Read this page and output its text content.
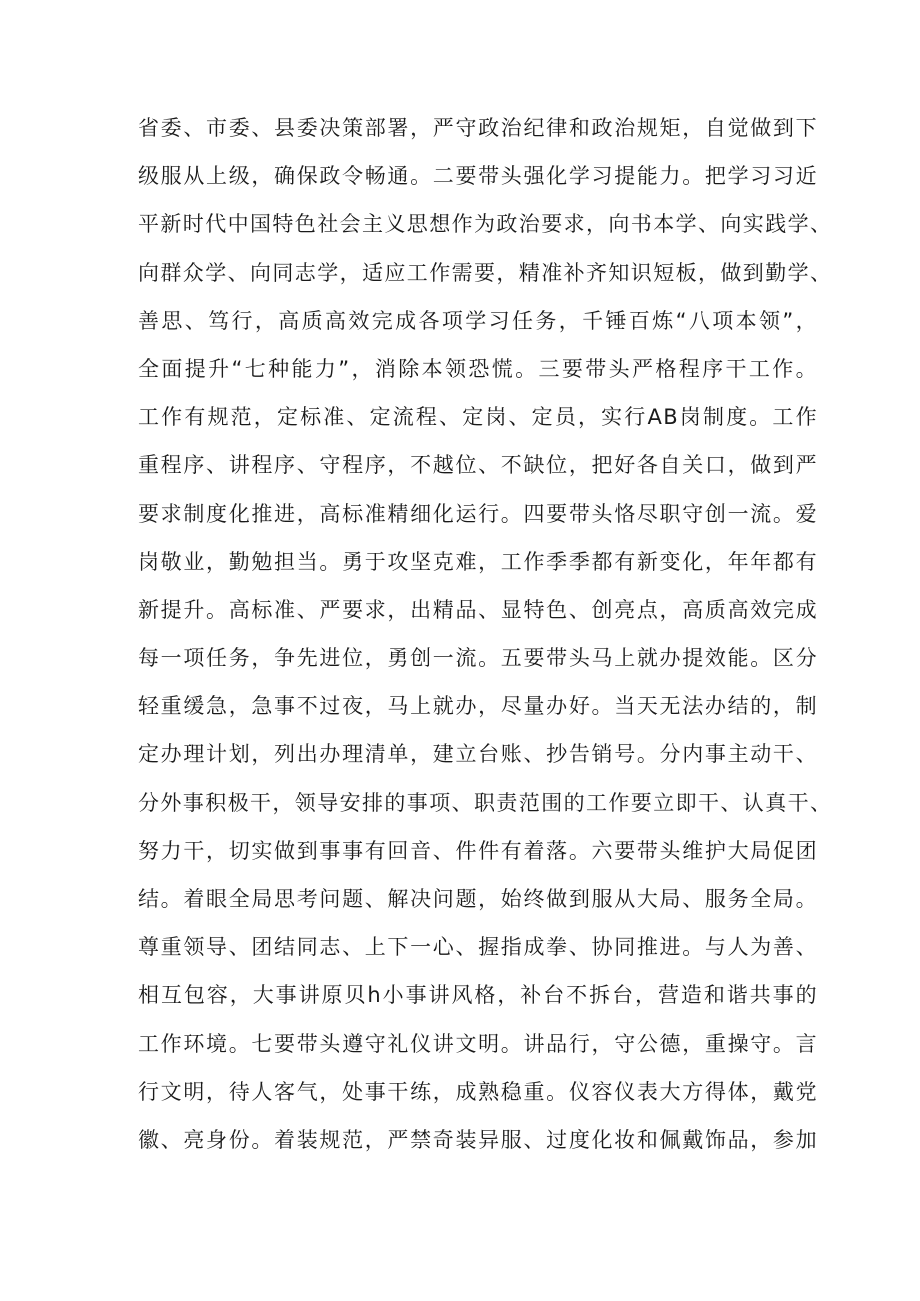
省委、市委、县委决策部署，严守政治纪律和政治规矩，自觉做到下
级服从上级，确保政令畅通。二要带头强化学习提能力。把学习习近
平新时代中国特色社会主义思想作为政治要求，向书本学、向实践学、
向群众学、向同志学，适应工作需要，精准补齐知识短板，做到勤学、
善思、笃行，高质高效完成各项学习任务，千锤百炼“八项本领”，
全面提升“七种能力”，消除本领恐慌。三要带头严格程序干工作。
工作有规范，定标准、定流程、定岗、定员，实行AB岗制度。工作
重程序、讲程序、守程序，不越位、不缺位，把好各自关口，做到严
要求制度化推进，高标准精细化运行。四要带头恪尽职守创一流。爱
岗敬业，勤勉担当。勇于攻坚克难，工作季季都有新变化，年年都有
新提升。高标准、严要求，出精品、显特色、创亮点，高质高效完成
每一项任务，争先进位，勇创一流。五要带头马上就办提效能。区分
轻重缓急，急事不过夜，马上就办，尽量办好。当天无法办结的，制
定办理计划，列出办理清单，建立台账、抄告销号。分内事主动干、
分外事积极干，领导安排的事项、职责范围的工作要立即干、认真干、
努力干，切实做到事事有回音、件件有着落。六要带头维护大局促团
结。着眼全局思考问题、解决问题，始终做到服从大局、服务全局。
尊重领导、团结同志、上下一心、握指成拳、协同推进。与人为善、
相互包容，大事讲原贝h小事讲风格，补台不拆台，营造和谐共事的
工作环境。七要带头遵守礼仪讲文明。讲品行，守公德，重操守。言
行文明，待人客气，处事干练，成熟稳重。仪容仪表大方得体，戴党
徽、亮身份。着装规范，严禁奇装异服、过度化妆和佩戴饰品，参加
